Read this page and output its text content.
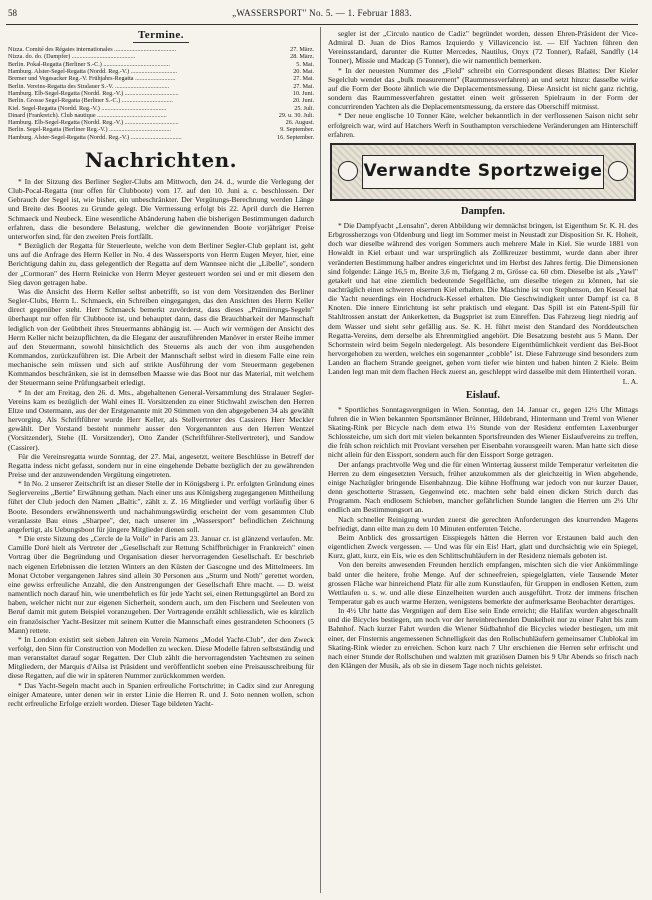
58	„WASSERSPORT" No. 5. — 1. Februar 1883.
Termine.
Nizza. Comité des Régates internationales ........................................	27. März.
Nizza. do. do. (Dampfer) .........................................	28. März.
Berlin. Pokal-Regatta (Berliner S.-C.) ...........................................	5. Mai.
Hamburg. Alster-Segel-Regatta (Nordd. Reg.-V.) ..............................	20. Mai.
Bremer und Vegesacker Reg.-V. Frühjahrs-Regatta ..........................	27. Mai.
Berlin. Vereins-Regatta des Stralauer S.-V. ...................................	27. Mai.
Hamburg. Elb-Segel-Regatta (Nordd. Reg.-V.) ...................................	10. Juni.
Berlin. Grosse Segel-Regatta (Berliner S.-C.) .................................	20. Juni.
Kiel. Segel-Regatta (Nordd. Reg.-V.) ..........................................	25. Juli.
Dinard (Frankreich). Club nautique .............................................	29. u. 30. Juli.
Hamburg. Elb-Segel-Regatta (Nordd. Reg.-V.) ...................................	26. August.
Berlin. Segel-Regatta (Berliner Reg.-V.) ........................................	9. September.
Hamburg. Alster-Segel-Regatta (Nordd. Reg.-V.) .................................	16. September.
Nachrichten.

* In der Sitzung des Berliner Segler-Clubs am Mittwoch, den 24. d., wurde die Verlegung der Club-Pocal-Regatta (nur offen für Clubboote) vom 17. auf den 10. Juni a. c. beschlossen. Der Gebrauch der Segel ist, wie bisher, ein unbeschränkter. Der Vergütungs-Berechnung werden Länge und Breite des Bootes zu Grunde gelegt. Die Vermessung erfolgt bis 22. April durch die Herren Schmaeck und Neubeck. Eine wesentliche Abänderung haben die bisherigen Bestimmungen dadurch erfahren, dass die besondere Belastung, welcher die gewinnenden Boote vorjähriger Preise unterworfen sind, für den zweiten Preis fortfällt.

* Bezüglich der Regatta für Steuerleute, welche von dem Berliner Segler-Club geplant ist, geht uns auf die Anfrage des Herrn Keller in No. 4 des Wassersports von Herrn Eugen Meyer, hier, eine Berichtigung dahin zu, dass gelegentlich der Regatta auf dem Wannsee nicht die „Libelle", sondern der „Cormoran" des Herrn Reinicke von Herrn Meyer gesteuert worden sei und er mit diesem den Sieg davon getragen habe.

Was die Ansicht des Herrn Keller selbst anbetrifft, so ist von dem Vorsitzenden des Berliner Segler-Clubs, Herrn L. Schmaeck, ein Schreiben eingegangen, das den Ansichten des Herrn Keller direct gegenüber steht. Herr Schmaeck bemerkt zuvörderst, dass dieses „Prämiirungs-Segeln" überhaupt nur offen für Clubboote ist, und behauptet dann, dass die Brauchbarkeit der Mannschaft lediglich von der Geübtheit ihres Steuermanns abhängig ist. — Auch wir vermögen der Ansicht des Herrn Keller nicht beizupflichten, da die Eleganz der auszuführenden Manöver in erster Reihe immer auf den Steuermann, sowohl hinsichtlich des Steuerns als auch der von ihm ausgehenden Kommandos, zurückzuführen ist. Die Arbeit der Mannschaft selbst wird in diesem Falle eine rein mechanische sein müssen und sich auf strikte Ausführung der vom Steuermann gegebenen Kommandos beschränken, sie ist in demselben Maasse wie das Boot nur das Material, mit welchem der Steuermann seine Prüfungsarbeit erledigt.

* In der am Freitag, den 26. d. Mts., abgehaltenen General-Versammlung des Stralauer Segler-Vereins kam es bezüglich der Wahl eines II. Vorsitzenden zu einer Stichwahl zwischen den Herren Eltze und Ostermann, aus der der Erstgenannte mit 20 Stimmen von den abgegebenen 34 als gewählt hervorging. Als Schriftführer wurde Herr Keller, als Stellvertreter des Cassirers Herr Meckler gewählt. Der Vorstand besteht nunmehr ausser den Vorgenannten aus den Herren Wentzel (Vorsitzender), Stehe (II. Vorsitzender), Otto Zander (Schriftführer-Stellvertreter), und Sandow (Cassirer).

Für die Vereinsregatta wurde Sonntag, der 27. Mai, angesetzt, weitere Beschlüsse in Betreff der Regatta indess nicht gefasst, sondern nur in eine eingehende Debatte bezüglich der zu gewährenden Preise und der anzuwendenden Vergütung eingetreten.

* In No. 2 unserer Zeitschrift ist an dieser Stelle der in Königsberg i. Pr. erfolgten Gründung eines Seglervereins „Bertie" Erwähnung gethan. Nach einer uns aus Königsberg zugegangenen Mittheilung führt der Club jedoch den Namen „Baltic", zählt z. Z. 16 Mitglieder und verfügt vorläufig über 6 Boote. Besonders erwähnenswerth und nachahmungswürdig erscheint der vom gesammten Club veranlasste Bau eines „Sharpee", der, nach unserer im „Wassersport" befindlichen Zeichnung angefertigt, als Uebungsboot für jüngere Mitglieder dienen soll.

* Die erste Sitzung des „Cercle de la Voile" in Paris am 23. Januar cr. ist glänzend verlaufen. Mr. Camille Doré hielt als Vertreter der „Gesellschaft zur Rettung Schiffbrüchiger in Frankreich" einen Vortrag über die Begründung und Organisation dieser hervorragenden Gesellschaft. Er beschrieb nach eigenen Erlebnissen die letzten Winters an den Küsten der Gascogne und des Mittelmeers. Im Monat October vergangenen Jahres sind allein 30 Personen aus „Sturm und Noth" gerettet worden, eine gewiss erfreuliche Anzahl, die den Anstrengungen der Gesellschaft Ehre macht. — D. weist namentlich noch darauf hin, wie unentbehrlich es für jede Yacht sei, einen Rettungsgürtel an Bord zu haben, welcher nicht nur zur eigenen Sicherheit, sondern auch, um den Fischern und Seeleuten von Beruf damit mit gutem Beispiel voranzugehen. Der Vortragende erzählt schliesslich, wie es kürzlich ein französischer Yacht-Besitzer mit seinem Kutter die Mannschaft eines gestrandeten Schooners (5 Mann) rettete.

* In London existirt seit sieben Jahren ein Verein Namens „Model Yacht-Club", der den Zweck verfolgt, den Sinn für Construction von Modellen zu wecken. Diese Modelle fahren selbstständig und man veranstaltet darauf sogar Regatten. Der Club zählt die hervorragendsten Yachtsmen zu seinen Mitgliedern, der Marquis d'Ailsa ist Präsident und veröffentlicht soeben eine Preisausschreibung für diese Regatten, auf die wir in späteren Nummer zurückkommen werden.

* Das Yacht-Segeln macht auch in Spanien erfreuliche Fortschritte; in Cadix sind zur Anregung einiger Amateure, unter denen wir in erster Linie die Herren R. und J. Soto nennen wollen, schon recht erfreuliche Erfolge erzielt worden. Dieser Tage bildeten Yacht-

segler ist der „Circulo nautico de Cadiz" begründet worden, dessen Ehren-Präsident der Vice-Admiral D. Juan de Dios Ramos Izquierdo y Villavicencio ist. — Elf Yachten führen den Vereinsstandard, darunter die Kutter Mercedes, Nautilus, Onyx (72 Tonner), Rafaël, Sandfly (14 Tonner), Missie und Madcap (5 Tonner), die wir namentlich bemerken.

* In der neuesten Nummer des „Field" schreibt ein Correspondent dieses Blattes: Der Kieler Segelclub wendet das „bulk measurement" (Raummessverfahren) an und setzt hinzu: dasselbe wirke auf die Form der Boote ähnlich wie die Deplacementsmessung. Diese Ansicht ist nicht ganz richtig, sondern das Raummessverfahren gestattet einen weit grösseren Spielraum in der Form der concurrirenden Yachten als die Deplacementsmessung, da erstere das Oberschiff mitmisst.

* Der neue englische 10 Tonner Käte, welcher bekanntlich in der verflossenen Saison nicht sehr erfolgreich war, wird auf Hatchers Werft in Southampton verschiedene Veränderungen am Hinterschiff erfahren.

Verwandte Sportzweige
Dampfen.

* Die Dampfyacht „Lensahn", deren Abbildung wir demnächst bringen, ist Eigenthum Sr. K. H. des Erbgrossherzogs von Oldenburg und liegt im Sommer meist in Neustadt zur Disposition Sr. K. Hoheit, doch war dieselbe während des vorigen Sommers auch mehrere Male in Kiel. Sie wurde 1881 von Howaldt in Kiel erbaut und war ursprünglich als Zollkreuzer bestimmt, wurde dann aber ihrer veränderten Bestimmung halber andres eingerichtet und im Herbst des Jahres fertig. Die Dimensionen sind folgende: Länge 16,5 m, Breite 3,6 m, Tiefgang 2 m, Grösse ca. 60 cbm. Dieselbe ist als „Yawl" getakelt und hat eine ziemlich bedeutende Segelfläche, um dieselbe triegen zu können, hat sie nachträglich einen schweren eisernen Kiel erhalten. Die Maschine ist von Stephenson, den Kessel hat die Yacht neuerdings ein Hochdruck-Kessel erhalten. Die Geschwindigkeit unter Dampf ist ca. 8 Knoten. Die innere Einrichtung ist sehr praktisch und elegant. Das Spill ist ein Patent-Spill für Stahltrossen anstatt der Ankerketten, da Bugspriet ist zum Einreffen. Das Fahrzeug liegt niedrig auf dem Wasser und sieht sehr gefällig aus. Se. K. H. führt meist den Standard des Norddeutschen Regatta-Vereins, dem derselbe als Ehrenmitglied angehört. Die Besatzung besteht aus 5 Mann. Der Schornstein wird beim Segeln niedergelegt. Als besondere Eigenthümlichkeit verdient das Bei-Boot hervorgehoben zu werden, welches ein sogenannter „cobble" ist. Diese Fahrzeuge sind besonders zum Landen an flachem Strande geeignet, gehen vorn tiefer wie hinten und haben hinten 2 Kiele. Beim Landen legt man mit dem flachen Heck zuerst an, geschleppt wird dasselbe mit dem Hintertheil voran.

L. A.
Eislauf.

* Sportliches Sonntagsvergnügen in Wien. Sonntag, den 14. Januar cr., gegen 12½ Uhr Mittags fuhren die in Wien bekannten Sportsmänner Brünner, Hildebrand, Hintermann und Treml von Wiener Skating-Rink per Bicycle nach dem etwa 1½ Stunde von der Residenz entfernten Laxenburger Schlossteiche, um sich dort mit vielen bekannten Sportsfreunden des Wiener Eislaufvereins zu treffen, die früh schon reichlich mit Proviant versehen per Eisenbahn vorausgeeilt waren. Man hatte sich diese nicht allein für den Eissport, sondern auch für den Eissport Sorge getragen.

Der anfangs prachtvolle Weg und die für einen Wintertag äusserst milde Temperatur verleiteten die Herren zu dem eingesetzten Versuch, früher anzukommen als der gleichzeitig in Wien abgehende, einige Nachzügler bringende Eisenbahnzug. Die kühne Hoffnung war jedoch von nur kurzer Dauer, denn geschotterte Strassen, Gegenwind etc. machten sehr bald einen dicken Strich durch das Programm. Nach endlosem Schieben, mancher gefährlichen Stunde langten die Herren um 2½ Uhr endlich am Bestimmungsort an.

Nach schneller Reinigung wurden zuerst die gerechten Anforderungen des knurrenden Magens befriedigt, dann eilte man zu dem 10 Minuten entfernten Teiche.

Beim Anblick des grossartigen Eisspiegels hätten die Herren vor Erstaunen bald auch den eigentlichen Zweck vergessen. — Und was für ein Eis! Hart, glatt und durchsichtig wie ein Spiegel, Kurz, glatt, kurz, ein Eis, wie es den Schlittschuhläufern in der Residenz niemals geboten ist.

Von den bereits anwesenden Freunden herzlich empfangen, mischten sich die vier Ankömmlinge bald unter die heitere, frohe Menge. Auf der schneefreien, spiegelglatten, viele Tausende Meter grossen Fläche war hinreichend Platz für alle zum Kunstlaufen, für Gruppen in endlosen Ketten, zum Wettlaufen u. s. w. und alle diese Einzelheiten wurden auch ausgeführt. Trotz der immens frischen Temperatur gab es auch warme Herzen, wenigstens bemerkte der aufmerksame Beobachter derartiges.

In 4½ Uhr hatte das Vergnügen auf dem Eise sein Ende erreicht; die Halifax wurden abgeschnallt und die Bicycles bestiegen, um noch vor der hereinbrechenden Dunkelheit nur zu einer Fahrt bis zum Bahnhof. Nach kurzer Fahrt wurden die Wiener Südbahnhof die Bicycles wieder bestiegen, um mit einer, der Finsternis angemessenen Schnelligkeit das den Rollschuhläufern gemeinsamer Clublokal im Skating-Rink wieder zu erreichen. Schon kurz nach 7 Uhr erschienen die Herren sehr erfrischt und nach einer Stunde der Rollschuhen und walzten mit graziösen Damen bis 9 Uhr Abends so frisch nach den Klängen der Musik, als ob sie in diesem Tage noch nichts geleistet.
